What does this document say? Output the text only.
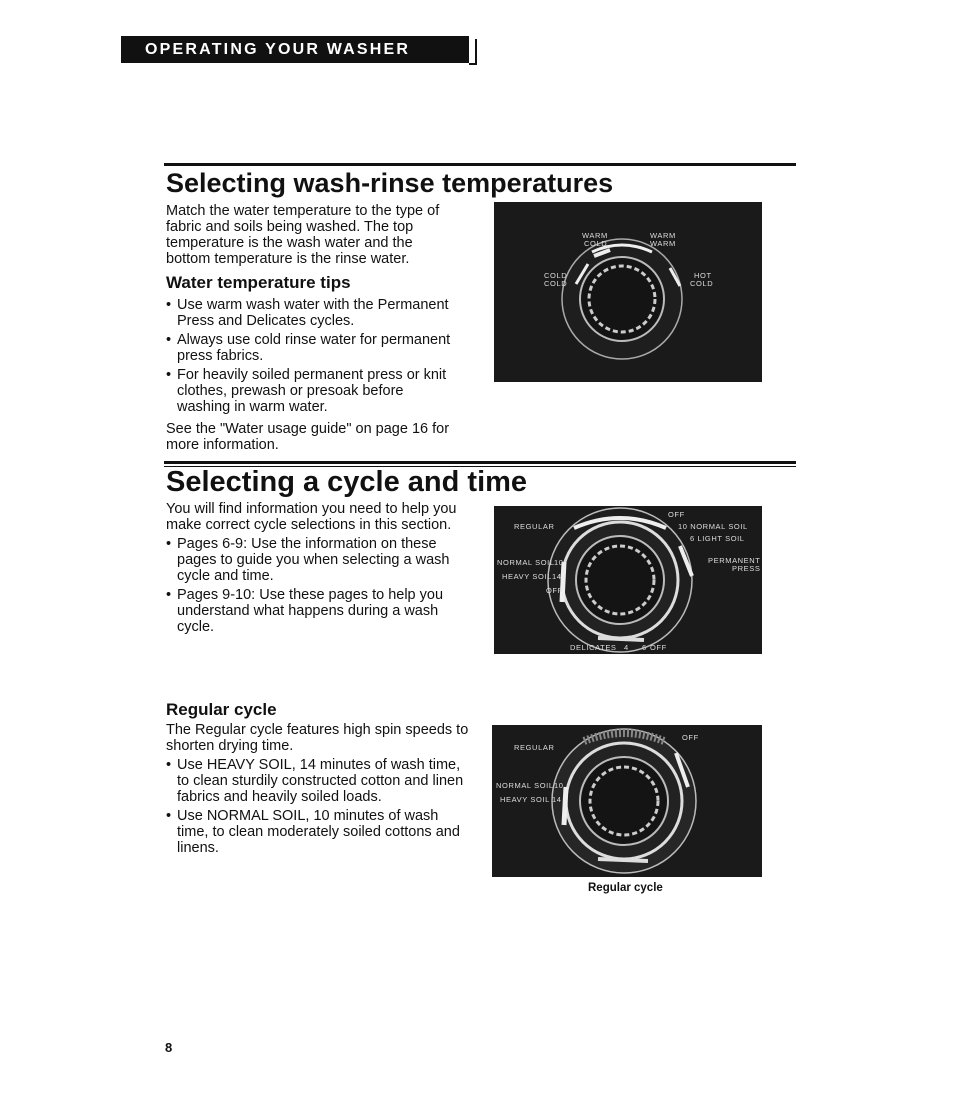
OPERATING YOUR WASHER
Selecting wash-rinse temperatures

Match the water temperature to the type of fabric and soils being washed. The top temperature is the wash water and the bottom temperature is the rinse water.

Water temperature tips
• Use warm wash water with the Permanent Press and Delicates cycles.
• Always use cold rinse water for permanent press fabrics.
• For heavily soiled permanent press or knit clothes, prewash or presoak before washing in warm water.

See the "Water usage guide" on page 16 for more information.

WARM
COLD
WARM
WARM
COLD
COLD
HOT
COLD
Selecting a cycle and time

You will find information you need to help you make correct cycle selections in this section.

• Pages 6-9: Use the information on these pages to guide you when selecting a wash cycle and time.
• Pages 9-10: Use these pages to help you understand what happens during a wash cycle.
REGULAR
NORMAL SOIL 10
HEAVY SOIL 14
OFF
OFF
10 NORMAL SOIL
6 LIGHT SOIL
PERMANENT
PRESS
DELICATES 4 6 OFF
Regular cycle

The Regular cycle features high spin speeds to shorten drying time.

• Use HEAVY SOIL, 14 minutes of wash time, to clean sturdily constructed cotton and linen fabrics and heavily soiled loads.
• Use NORMAL SOIL, 10 minutes of wash time, to clean moderately soiled cottons and linens.
REGULAR
OFF
NORMAL SOIL 10
HEAVY SOIL 14
Regular cycle
8
